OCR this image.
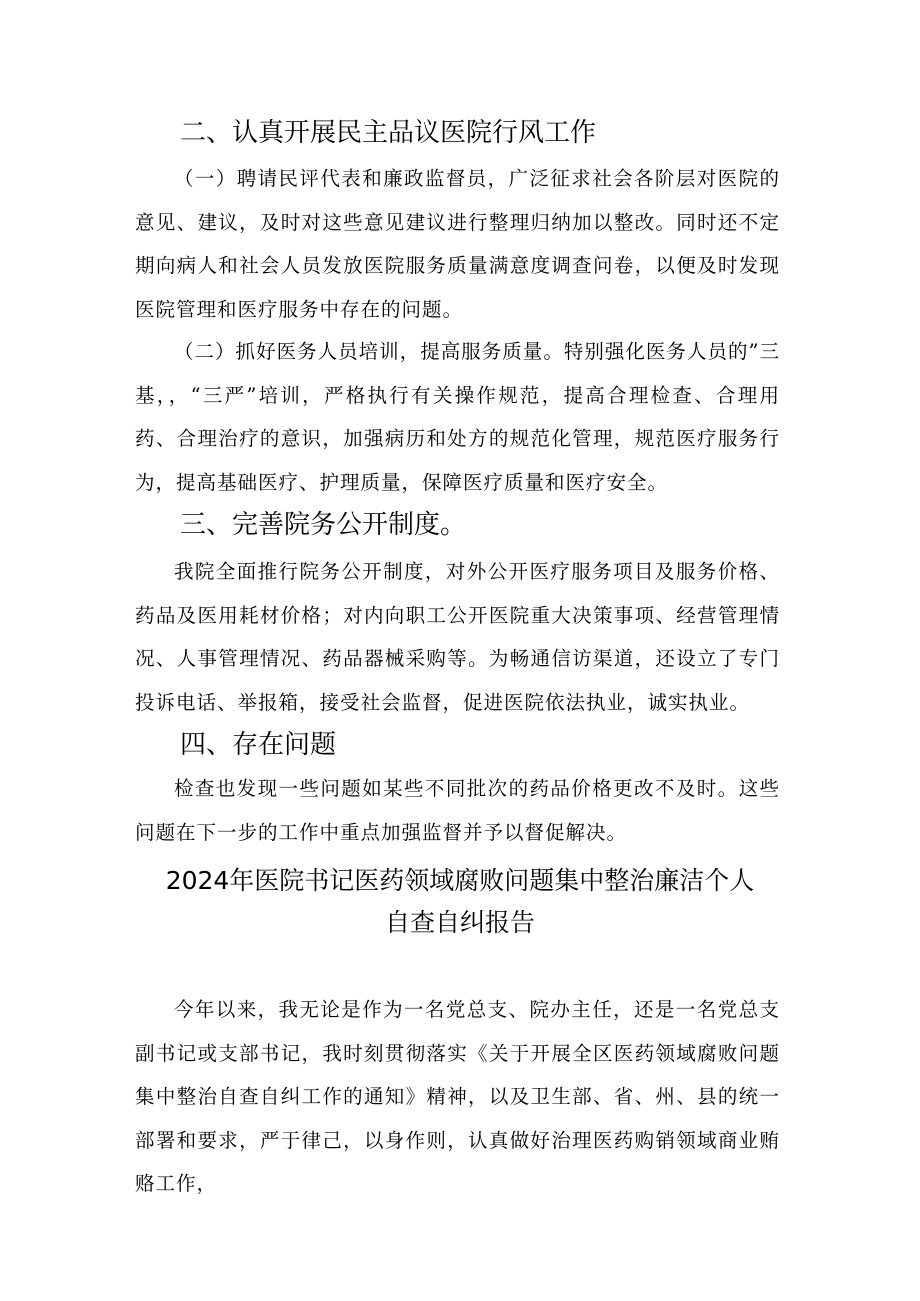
二、认真开展民主品议医院行风工作

（一）聘请民评代表和廉政监督员，广泛征求社会各阶层对医院的意见、建议，及时对这些意见建议进行整理归纳加以整改。同时还不定期向病人和社会人员发放医院服务质量满意度调查问卷，以便及时发现医院管理和医疗服务中存在的问题。

（二）抓好医务人员培训，提高服务质量。特别强化医务人员的”三基，，“三严”培训，严格执行有关操作规范，提高合理检查、合理用药、合理治疗的意识，加强病历和处方的规范化管理，规范医疗服务行为，提高基础医疗、护理质量，保障医疗质量和医疗安全。

三、完善院务公开制度。

我院全面推行院务公开制度，对外公开医疗服务项目及服务价格、药品及医用耗材价格；对内向职工公开医院重大决策事项、经营管理情况、人事管理情况、药品器械采购等。为畅通信访渠道，还设立了专门投诉电话、举报箱，接受社会监督，促进医院依法执业，诚实执业。

四、存在问题

检查也发现一些问题如某些不同批次的药品价格更改不及时。这些问题在下一步的工作中重点加强监督并予以督促解决。

2024年医院书记医药领域腐败问题集中整治廉洁个人
自查自纠报告

今年以来，我无论是作为一名党总支、院办主任，还是一名党总支副书记或支部书记，我时刻贯彻落实《关于开展全区医药领域腐败问题集中整治自查自纠工作的通知》精神，以及卫生部、省、州、县的统一部署和要求，严于律己，以身作则，认真做好治理医药购销领域商业贿赂工作，
